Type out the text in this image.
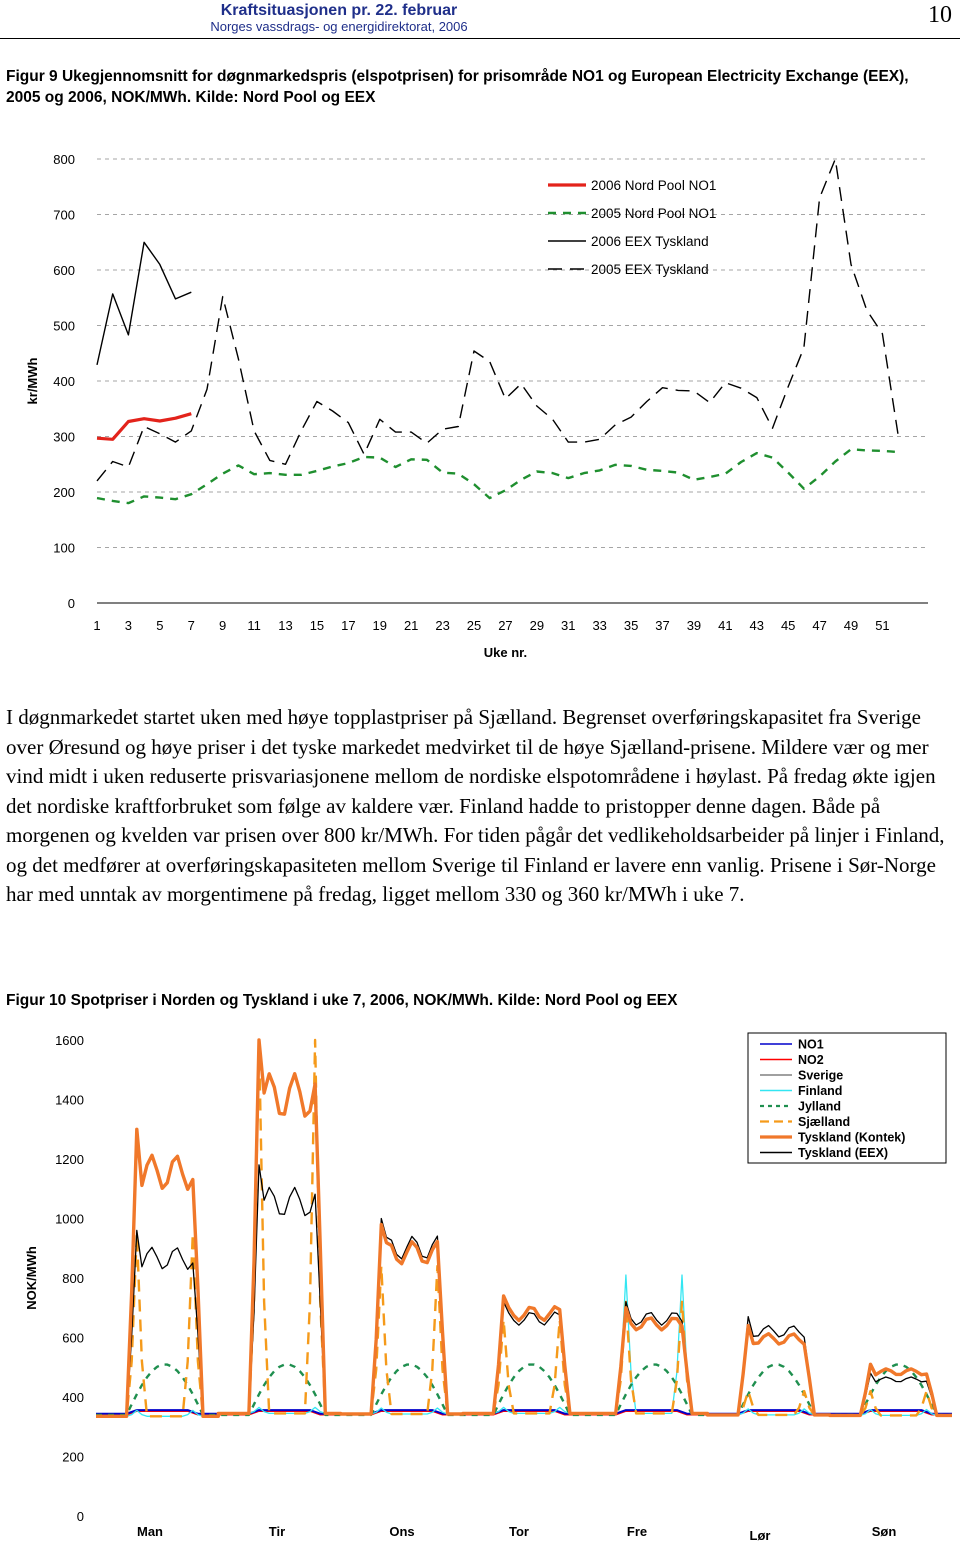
Kraftsituasjonen pr. 22. februar
Norges vassdrags- og energidirektorat, 2006	10
Figur 9 Ukegjennomsnitt for døgnmarkedspris (elspotprisen) for prisområde NO1 og European Electricity Exchange (EEX), 2005 og 2006, NOK/MWh. Kilde: Nord Pool og EEX
0
100
200
300
400
500
600
700
800
1 3 5 7 9 11 13 15 17 19 21 23 25 27 29 31 33 35 37 39 41 43 45 47 49 51
Uke nr.
kr/MWh
2006 Nord Pool NO1
2005 Nord Pool NO1
2006 EEX Tyskland
2005 EEX Tyskland
I døgnmarkedet startet uken med høye topplastpriser på Sjælland. Begrenset overføringskapasitet fra Sverige over Øresund og høye priser i det tyske markedet medvirket til de høye Sjælland-prisene. Mildere vær og mer vind midt i uken reduserte prisvariasjonene mellom de nordiske elspotområdene i høylast. På fredag økte igjen det nordiske kraftforbruket som følge av kaldere vær. Finland hadde to pristopper denne dagen. Både på morgenen og kvelden var prisen over 800 kr/MWh. For tiden pågår det vedlikeholdsarbeider på linjer i Finland, og det medfører at overføringskapasiteten mellom Sverige til Finland er lavere enn vanlig. Prisene i Sør-Norge har med unntak av morgentimene på fredag, ligget mellom 330 og 360 kr/MWh i uke 7.
Figur 10 Spotpriser i Norden og Tyskland i uke 7, 2006, NOK/MWh. Kilde: Nord Pool og EEX
0
200
400
600
800
1000
1200
1400
1600
NOK/MWh
Man	Tir	Ons	Tor	Fre	Lør	Søn
NO1
NO2
Sverige
Finland
Jylland
Sjælland
Tyskland (Kontek)
Tyskland (EEX)
